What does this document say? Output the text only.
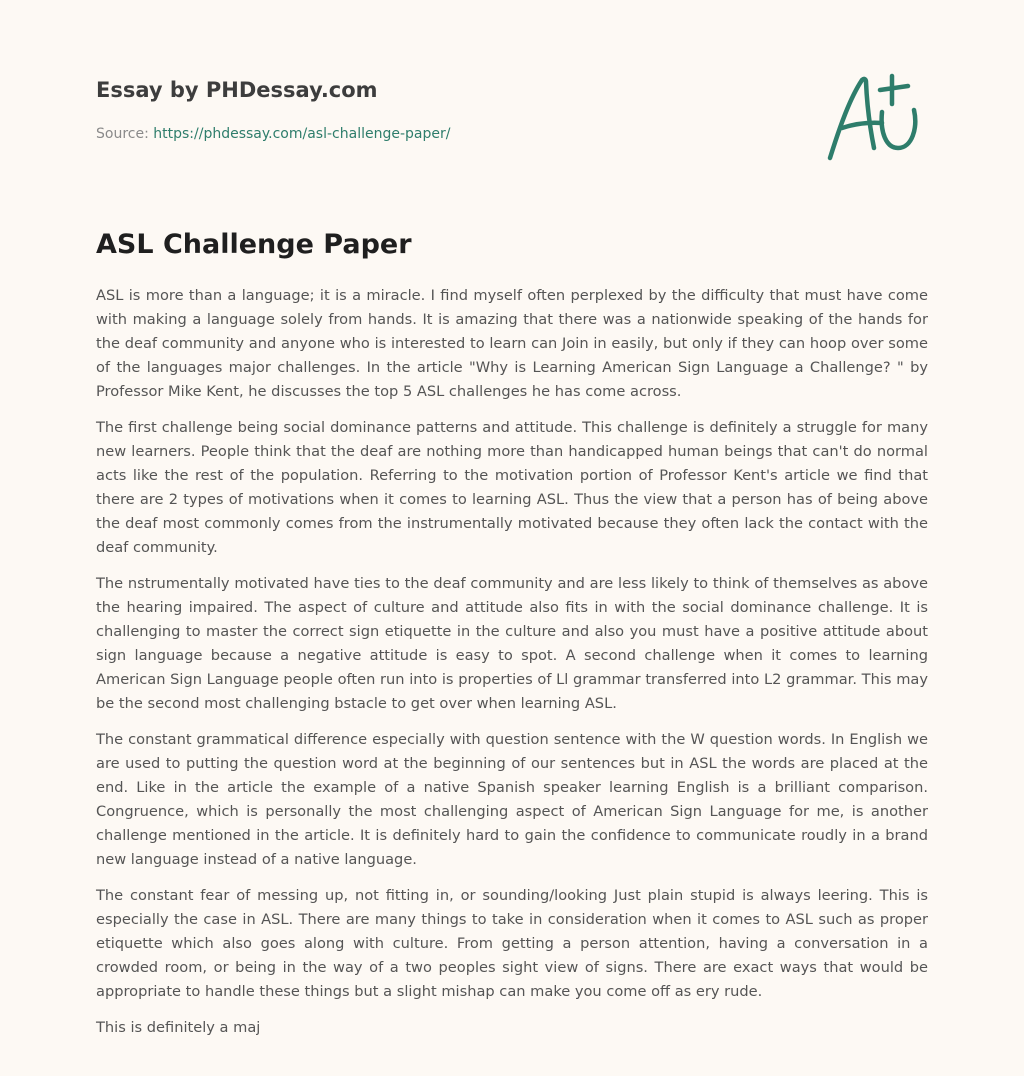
Essay by PHDessay.com
Source: https://phdessay.com/asl-challenge-paper/
ASL Challenge Paper

ASL is more than a language; it is a miracle. I find myself often perplexed by the difficulty that must have come with making a language solely from hands. It is amazing that there was a nationwide speaking of the hands for the deaf community and anyone who is interested to learn can Join in easily, but only if they can hoop over some of the languages major challenges. In the article "Why is Learning American Sign Language a Challenge? " by Professor Mike Kent, he discusses the top 5 ASL challenges he has come across.

The first challenge being social dominance patterns and attitude. This challenge is definitely a struggle for many new learners. People think that the deaf are nothing more than handicapped human beings that can't do normal acts like the rest of the population. Referring to the motivation portion of Professor Kent's article we find that there are 2 types of motivations when it comes to learning ASL. Thus the view that a person has of being above the deaf most commonly comes from the instrumentally motivated because they often lack the contact with the deaf community.

The nstrumentally motivated have ties to the deaf community and are less likely to think of themselves as above the hearing impaired. The aspect of culture and attitude also fits in with the social dominance challenge. It is challenging to master the correct sign etiquette in the culture and also you must have a positive attitude about sign language because a negative attitude is easy to spot. A second challenge when it comes to learning American Sign Language people often run into is properties of Ll grammar transferred into L2 grammar. This may be the second most challenging bstacle to get over when learning ASL.

The constant grammatical difference especially with question sentence with the W question words. In English we are used to putting the question word at the beginning of our sentences but in ASL the words are placed at the end. Like in the article the example of a native Spanish speaker learning English is a brilliant comparison. Congruence, which is personally the most challenging aspect of American Sign Language for me, is another challenge mentioned in the article. It is definitely hard to gain the confidence to communicate roudly in a brand new language instead of a native language.

The constant fear of messing up, not fitting in, or sounding/looking Just plain stupid is always leering. This is especially the case in ASL. There are many things to take in consideration when it comes to ASL such as proper etiquette which also goes along with culture. From getting a person attention, having a conversation in a crowded room, or being in the way of a two peoples sight view of signs. There are exact ways that would be appropriate to handle these things but a slight mishap can make you come off as ery rude.

This is definitely a maj
